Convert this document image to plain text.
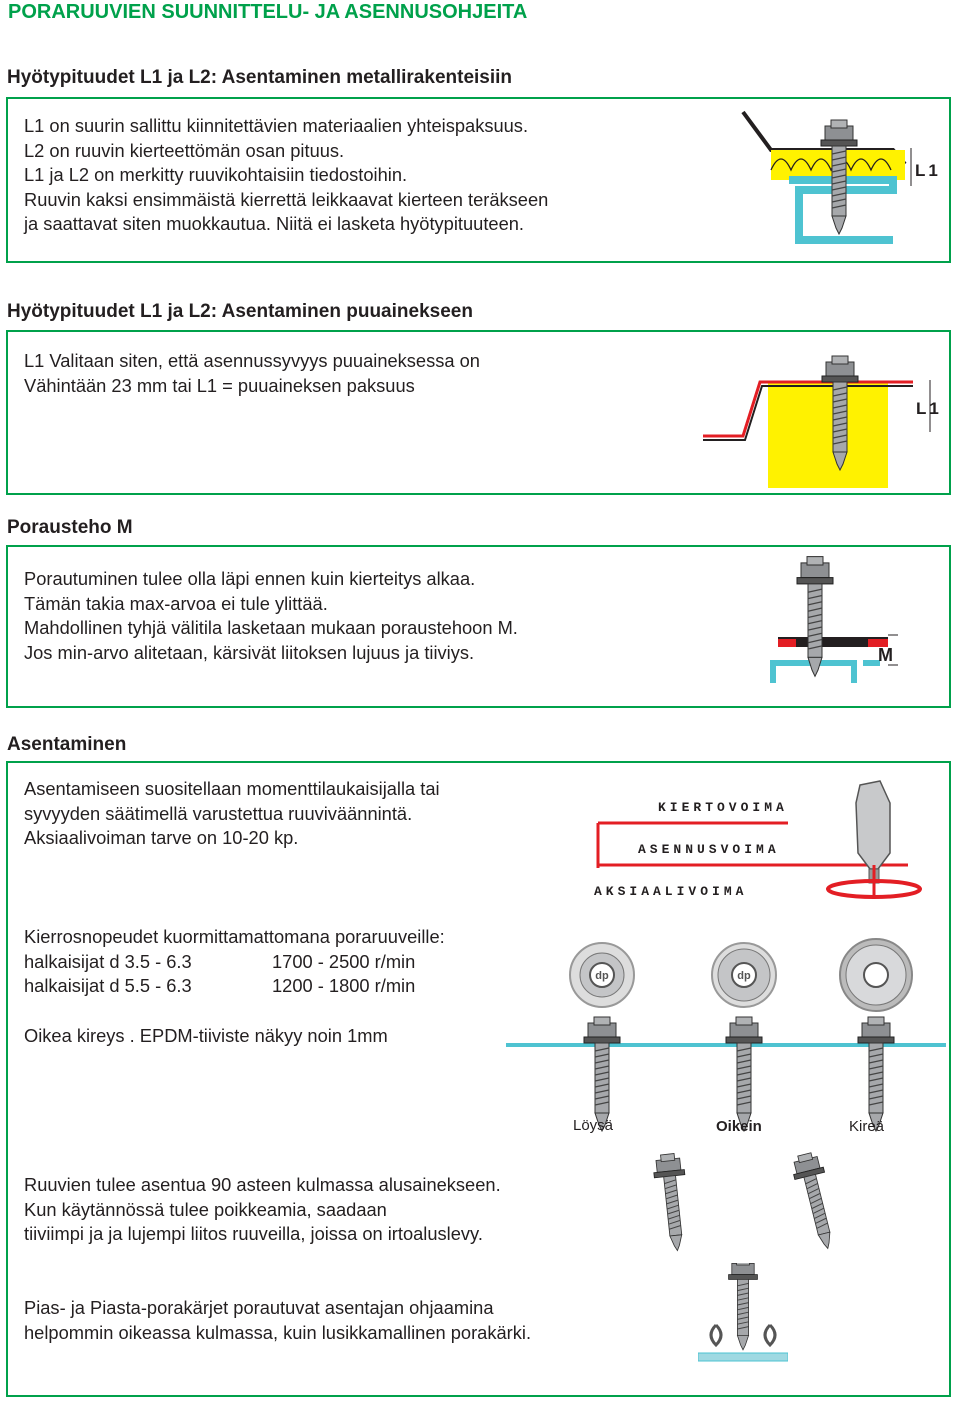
PORARUUVIEN SUUNNITTELU- JA ASENNUSOHJEITA
Hyötypituudet L1 ja L2: Asentaminen metallirakenteisiin
L1 on suurin sallittu kiinnitettävien materiaalien yhteispaksuus.
L2 on ruuvin kierteettömän osan pituus.
L1 ja L2 on merkitty ruuvikohtaisiin tiedostoihin.
Ruuvin kaksi ensimmäistä kierrettä leikkaavat kierteen teräkseen
ja saattavat siten muokkautua. Niitä ei lasketa hyötypituuteen.
L1
Hyötypituudet L1 ja L2: Asentaminen puuainekseen
L1 Valitaan siten, että asennussyvyys puuaineksessa on
Vähintään 23 mm tai L1 = puuaineksen paksuus
L1
Porausteho M
Porautuminen tulee olla läpi ennen kuin kierteitys alkaa.
Tämän takia max-arvoa ei tule ylittää.
Mahdollinen tyhjä välitila lasketaan mukaan poraustehoon M.
Jos min-arvo alitetaan, kärsivät liitoksen lujuus ja tiiviys.	M
Asentaminen
Asentamiseen suositellaan momenttilaukaisijalla tai
syvyyden säätimellä varustettua ruuviväännintä.
Aksiaalivoiman tarve on 10-20 kp.
KIERTOVOIMA
ASENNUSVOIMA
AKSIAALIVOIMA
Kierrosnopeudet kuormittamattomana poraruuveille:
halkaisijat d 3.5 - 6.3	1700 - 2500 r/min
halkaisijat d 5.5 - 6.3	1200 - 1800 r/min
Oikea kireys . EPDM-tiiviste näkyy noin 1mm
dp	dp
Löysä	Oikein	Kireä
Ruuvien tulee asentua 90 asteen kulmassa alusainekseen.
Kun käytännössä tulee poikkeamia, saadaan
tiiviimpi ja ja lujempi liitos ruuveilla, joissa on irtoaluslevy.
Pias- ja Piasta-porakärjet porautuvat asentajan ohjaamina
helpommin oikeassa kulmassa, kuin lusikkamallinen porakärki.
